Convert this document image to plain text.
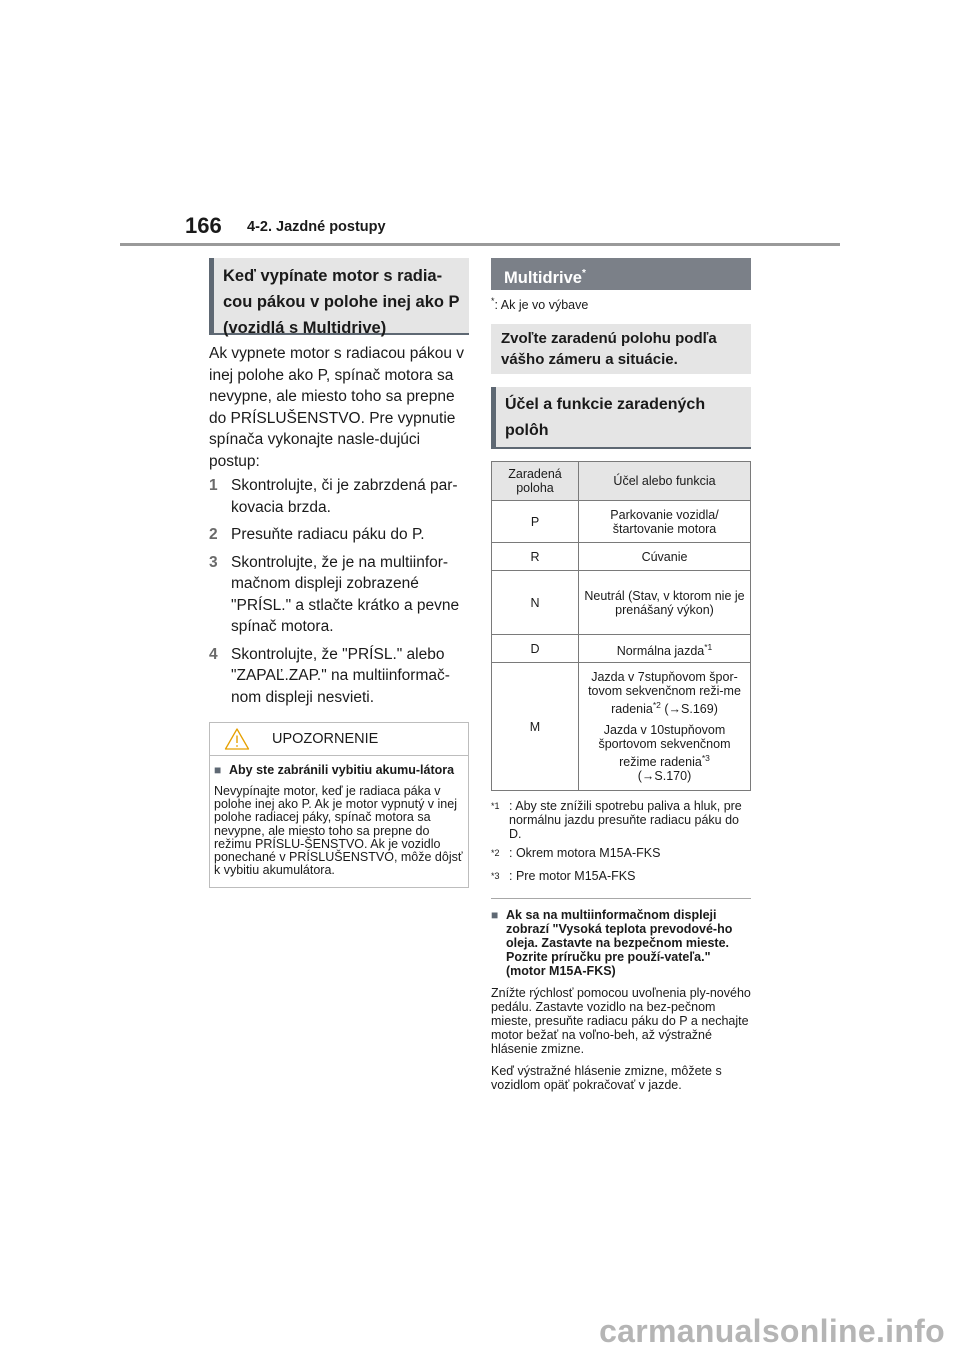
166 4-2. Jazdné postupy
Keď vypínate motor s radia-cou pákou v polohe inej ako P (vozidlá s Multidrive)
Ak vypnete motor s radiacou pákou v inej polohe ako P, spínač motora sa nevypne, ale miesto toho sa prepne do PRÍSLUŠENSTVO. Pre vypnutie spínača vykonajte nasle-dujúci postup:
1 Skontrolujte, či je zabrzdená par-kovacia brzda.
2 Presuňte radiacu páku do P.
3 Skontrolujte, že je na multiinfor-mačnom displeji zobrazené "PRÍSL." a stlačte krátko a pevne spínač motora.
4 Skontrolujte, že "PRÍSL." alebo "ZAPAĽ.ZAP." na multiinformač-nom displeji nesvieti.
UPOZORNENIE
■ Aby ste zabránili vybitiu akumu-látora
Nevypínajte motor, keď je radiaca páka v polohe inej ako P. Ak je motor vypnutý v inej polohe radiacej páky, spínač motora sa nevypne, ale miesto toho sa prepne do režimu PRÍSLU-ŠENSTVO. Ak je vozidlo ponechané v PRÍSLUŠENSTVO, môže dôjsť k vybitiu akumulátora.
Multidrive*
*: Ak je vo výbave
Zvoľte zaradenú polohu podľa vášho zámeru a situácie.
Účel a funkcie zaradených polôh
Zaradená poloha	Účel alebo funkcia
P	Parkovanie vozidla/ štartovanie motora
R	Cúvanie
N	Neutrál (Stav, v ktorom nie je prenášaný výkon)
D	Normálna jazda$^{*1}$
M	Jazda v 7stupňovom špor-tovom sekvenčnom reži-me radenia$^{*2}$ (→S.169)

Jazda v 10stupňovom športovom sekvenčnom režime radenia$^{*3}$
(→S.170)

$^{*1}$ : Aby ste znížili spotrebu paliva a hluk, pre normálnu jazdu presuňte radiacu páku do D.
$^{*2}$ : Okrem motora M15A-FKS
$^{*3}$ : Pre motor M15A-FKS
■ Ak sa na multiinformačnom displeji zobrazí "Vysoká teplota prevodové-ho oleja. Zastavte na bezpečnom mieste. Pozrite príručku pre použí-vateľa." (motor M15A-FKS)
Znížte rýchlosť pomocou uvoľnenia ply-nového pedálu. Zastavte vozidlo na bez-pečnom mieste, presuňte radiacu páku do P a nechajte motor bežať na voľno-beh, až výstražné hlásenie zmizne.
Keď výstražné hlásenie zmizne, môžete s vozidlom opäť pokračovať v jazde.
carmanualsonline.info
